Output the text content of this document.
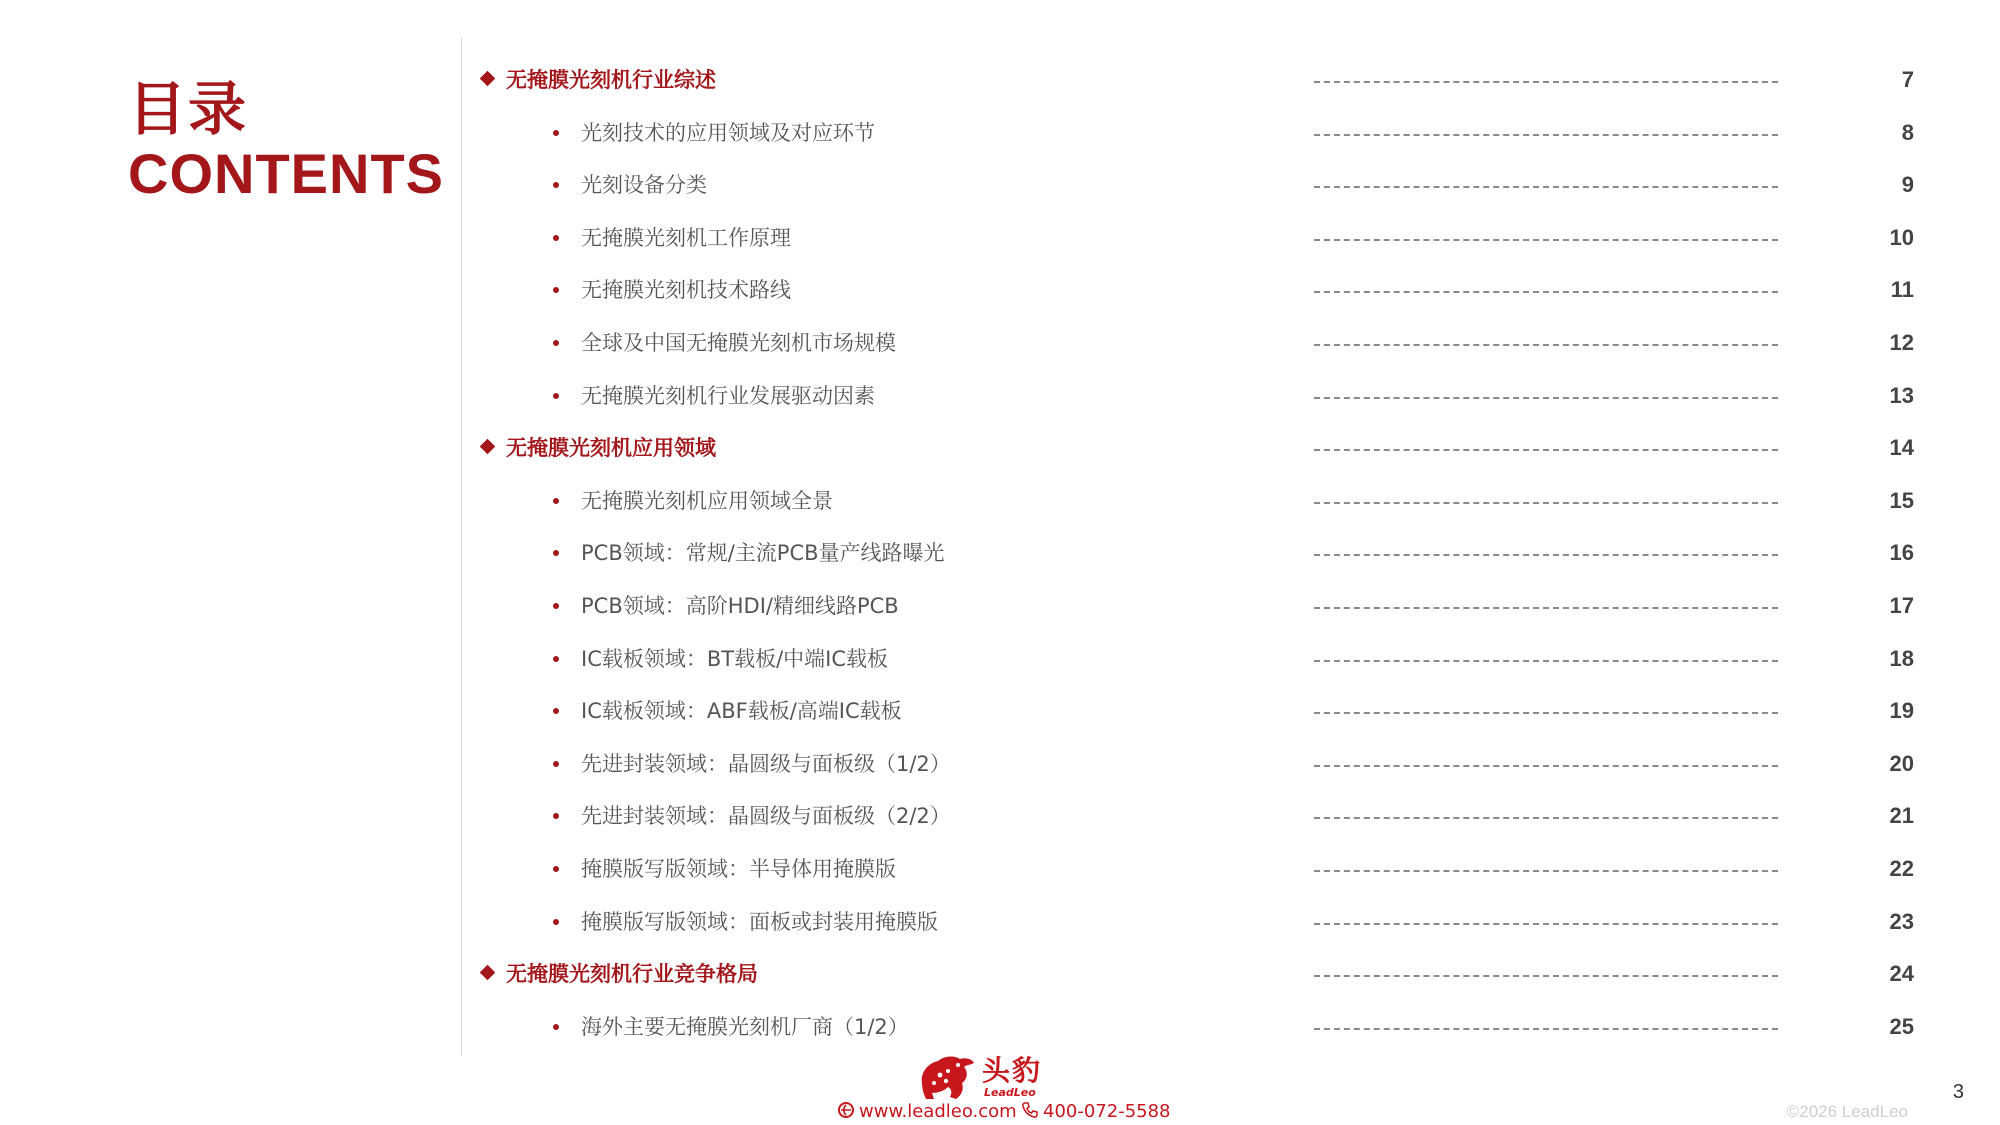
目录
CONTENTS
无掩膜光刻机行业综述	7
光刻技术的应用领域及对应环节	8
光刻设备分类	9
无掩膜光刻机工作原理	10
无掩膜光刻机技术路线	11
全球及中国无掩膜光刻机市场规模	12
无掩膜光刻机行业发展驱动因素	13
无掩膜光刻机应用领域	14
无掩膜光刻机应用领域全景	15
PCB领域：常规/主流PCB量产线路曝光	16
PCB领域：高阶HDI/精细线路PCB	17
IC载板领域：BT载板/中端IC载板	18
IC载板领域：ABF载板/高端IC载板	19
先进封装领域：晶圆级与面板级（1/2）	20
先进封装领域：晶圆级与面板级（2/2）	21
掩膜版写版领域：半导体用掩膜版	22
掩膜版写版领域：面板或封装用掩膜版	23
无掩膜光刻机行业竞争格局	24
海外主要无掩膜光刻机厂商（1/2）	25
头豹
LeadLeo
www.leadleo.com 400-072-5588	©2026 LeadLeo
3
